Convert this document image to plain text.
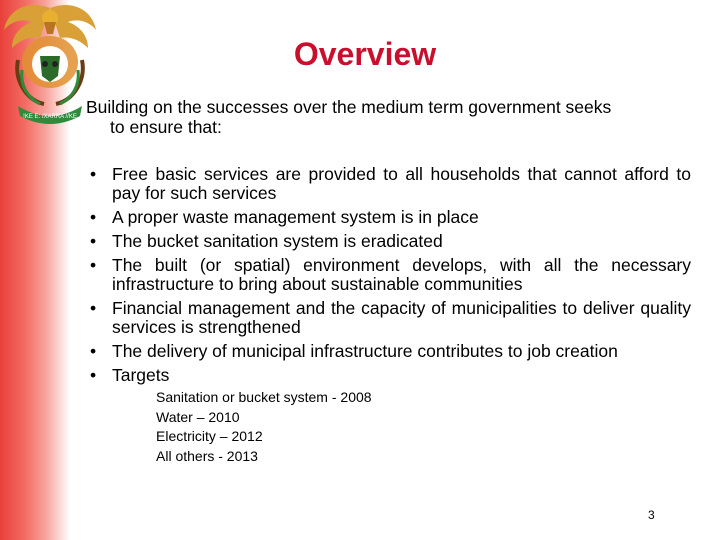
!KE E: /XARRA //KE
Overview
Building on the successes over the medium term government seeks
to ensure that:
• Free basic services are provided to all households that cannot afford to pay for such services
• A proper waste management system is in place
• The bucket sanitation system is eradicated
• The built (or spatial) environment develops, with all the necessary infrastructure to bring about sustainable communities
• Financial management and the capacity of municipalities to deliver quality services is strengthened
• The delivery of municipal infrastructure contributes to job creation
• Targets
Sanitation or bucket system - 2008
Water – 2010
Electricity – 2012
All others - 2013
3
